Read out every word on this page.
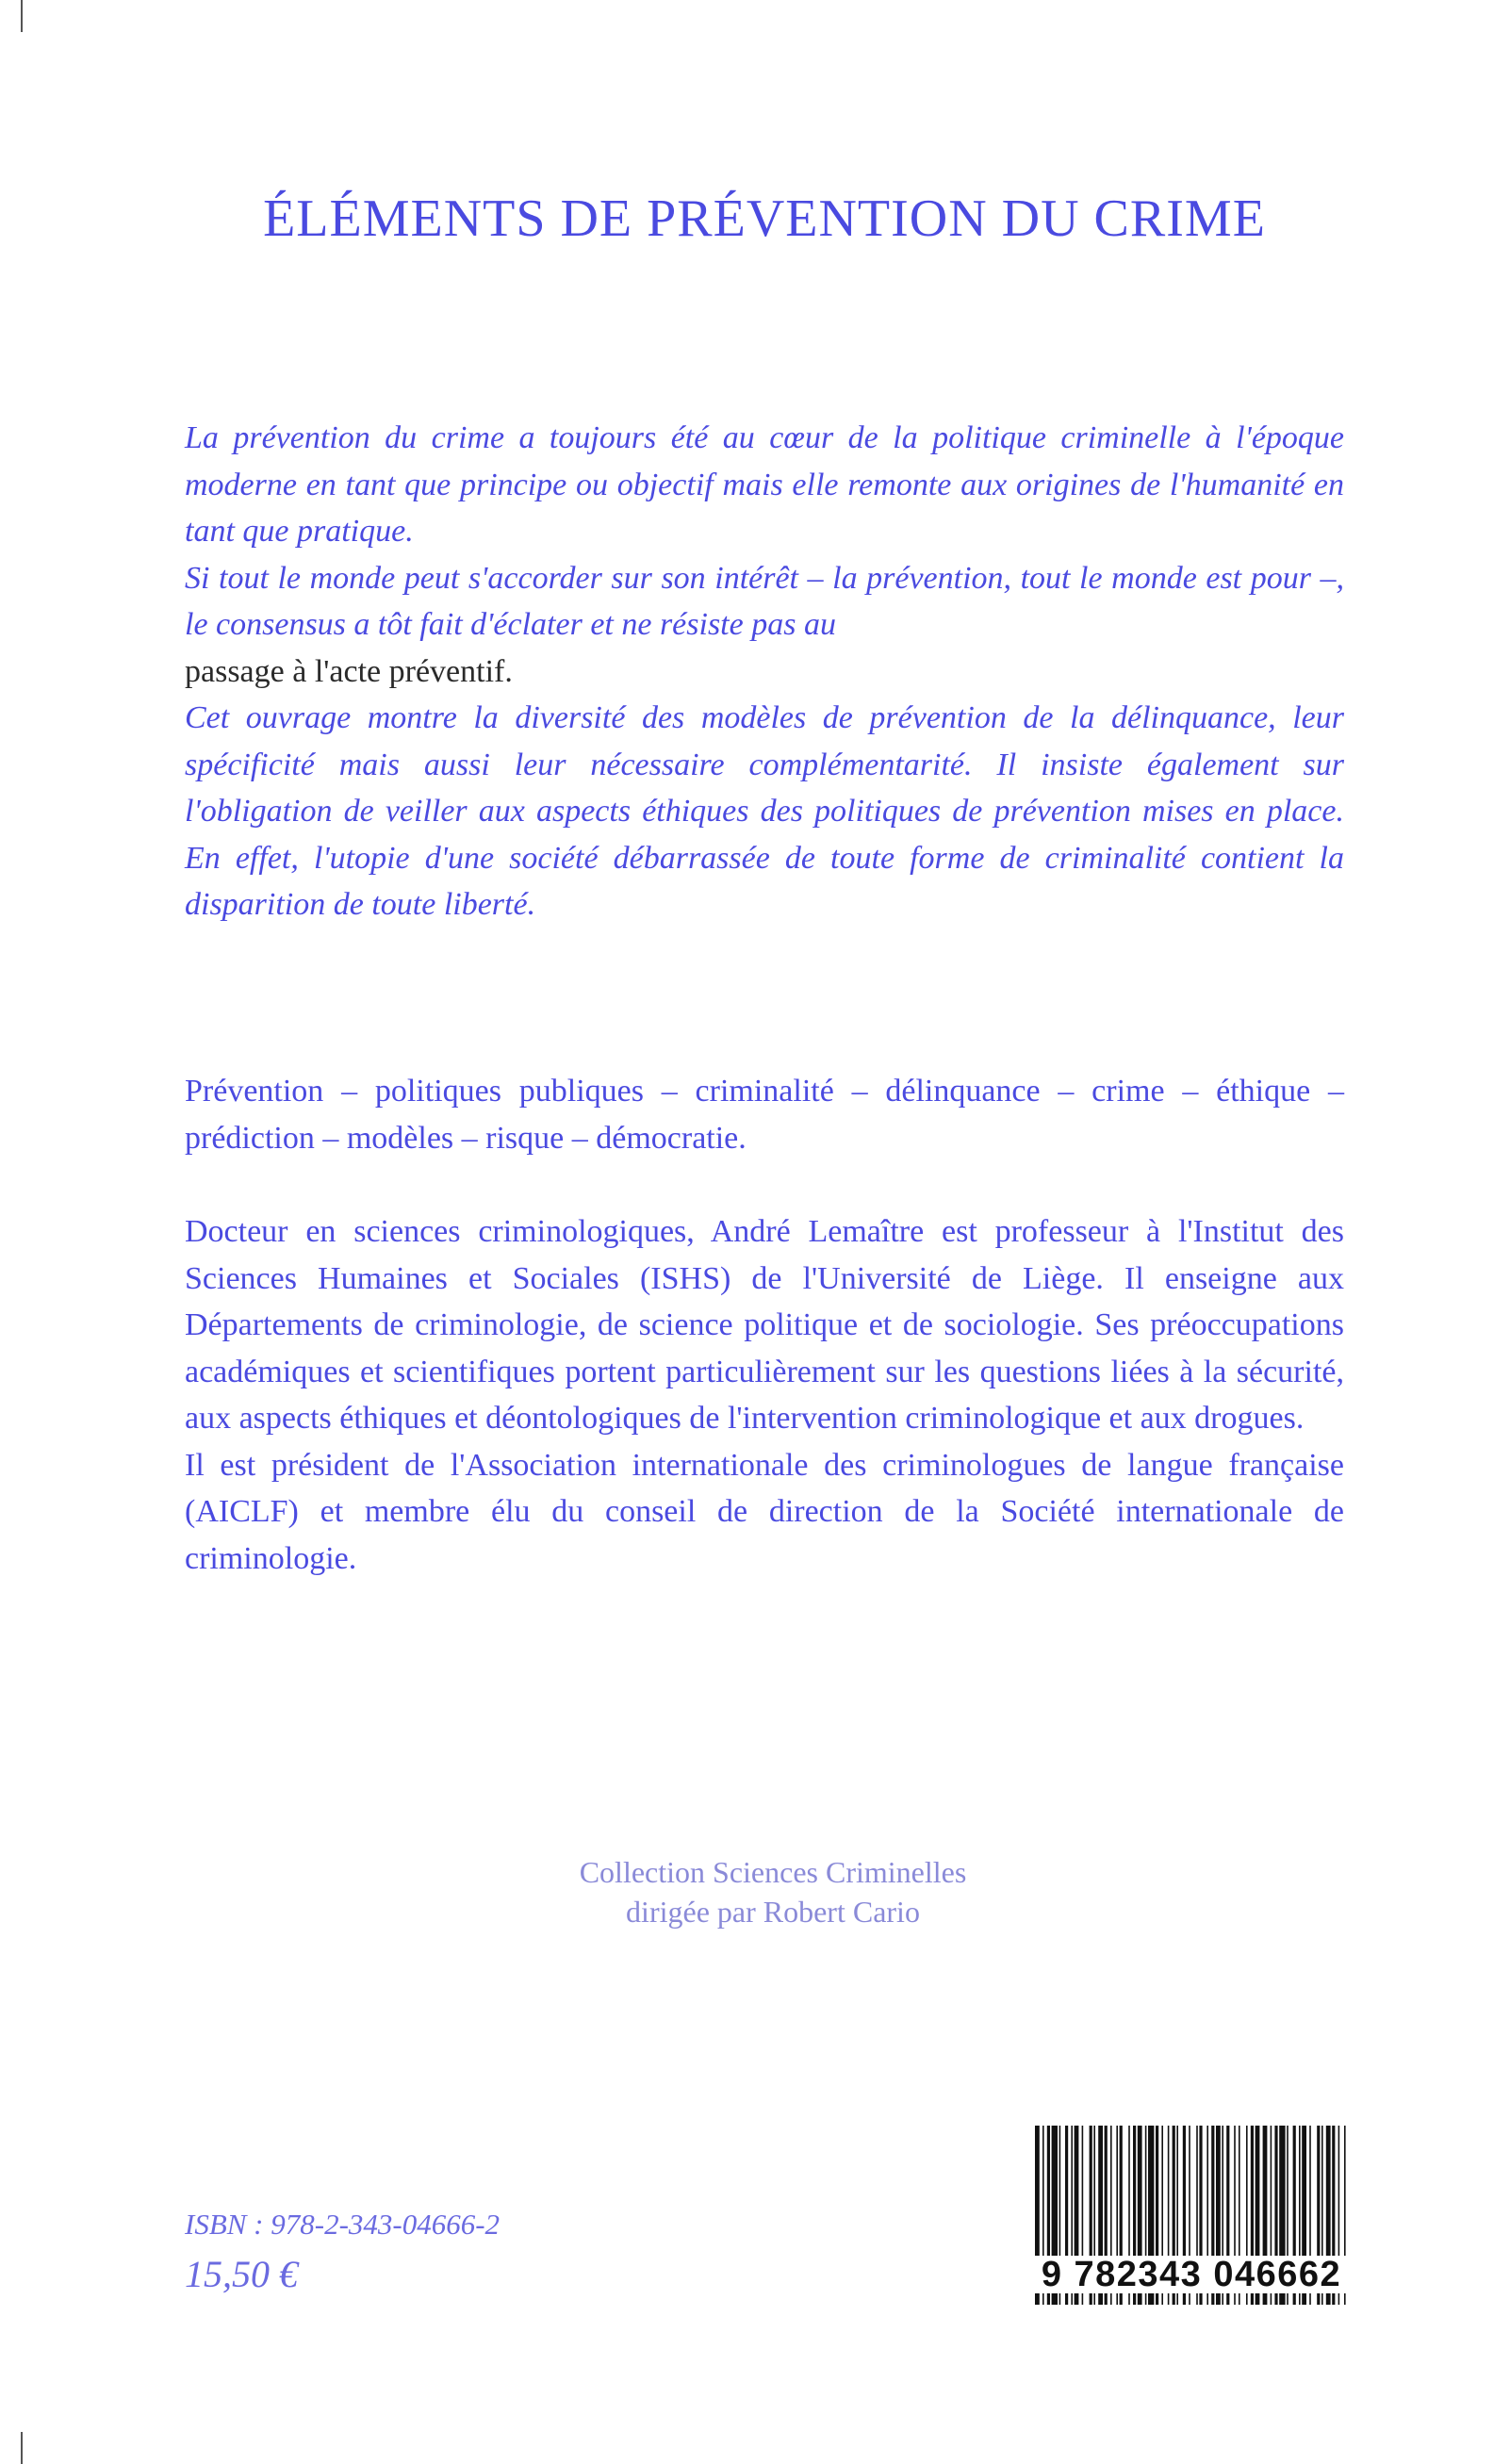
ÉLÉMENTS DE PRÉVENTION DU CRIME

La prévention du crime a toujours été au cœur de la politique criminelle à l'époque moderne en tant que principe ou objectif mais elle remonte aux origines de l'humanité en tant que pratique.

Si tout le monde peut s'accorder sur son intérêt – la prévention, tout le monde est pour –, le consensus a tôt fait d'éclater et ne résiste pas au

passage à l'acte préventif.

Cet ouvrage montre la diversité des modèles de prévention de la délinquance, leur spécificité mais aussi leur nécessaire complémentarité. Il insiste également sur l'obligation de veiller aux aspects éthiques des politiques de prévention mises en place. En effet, l'utopie d'une société débarrassée de toute forme de criminalité contient la disparition de toute liberté.

Prévention – politiques publiques – criminalité – délinquance – crime – éthique – prédiction – modèles – risque – démocratie.

Docteur en sciences criminologiques, André Lemaître est professeur à l'Institut des Sciences Humaines et Sociales (ISHS) de l'Université de Liège. Il enseigne aux Départements de criminologie, de science politique et de sociologie. Ses préoccupations académiques et scientifiques portent particulièrement sur les questions liées à la sécurité, aux aspects éthiques et déontologiques de l'intervention criminologique et aux drogues.

Il est président de l'Association internationale des criminologues de langue française (AICLF) et membre élu du conseil de direction de la Société internationale de criminologie.

Collection Sciences Criminelles
dirigée par Robert Cario
ISBN : 978-2-343-04666-2
15,50 €	9 782343 046662
